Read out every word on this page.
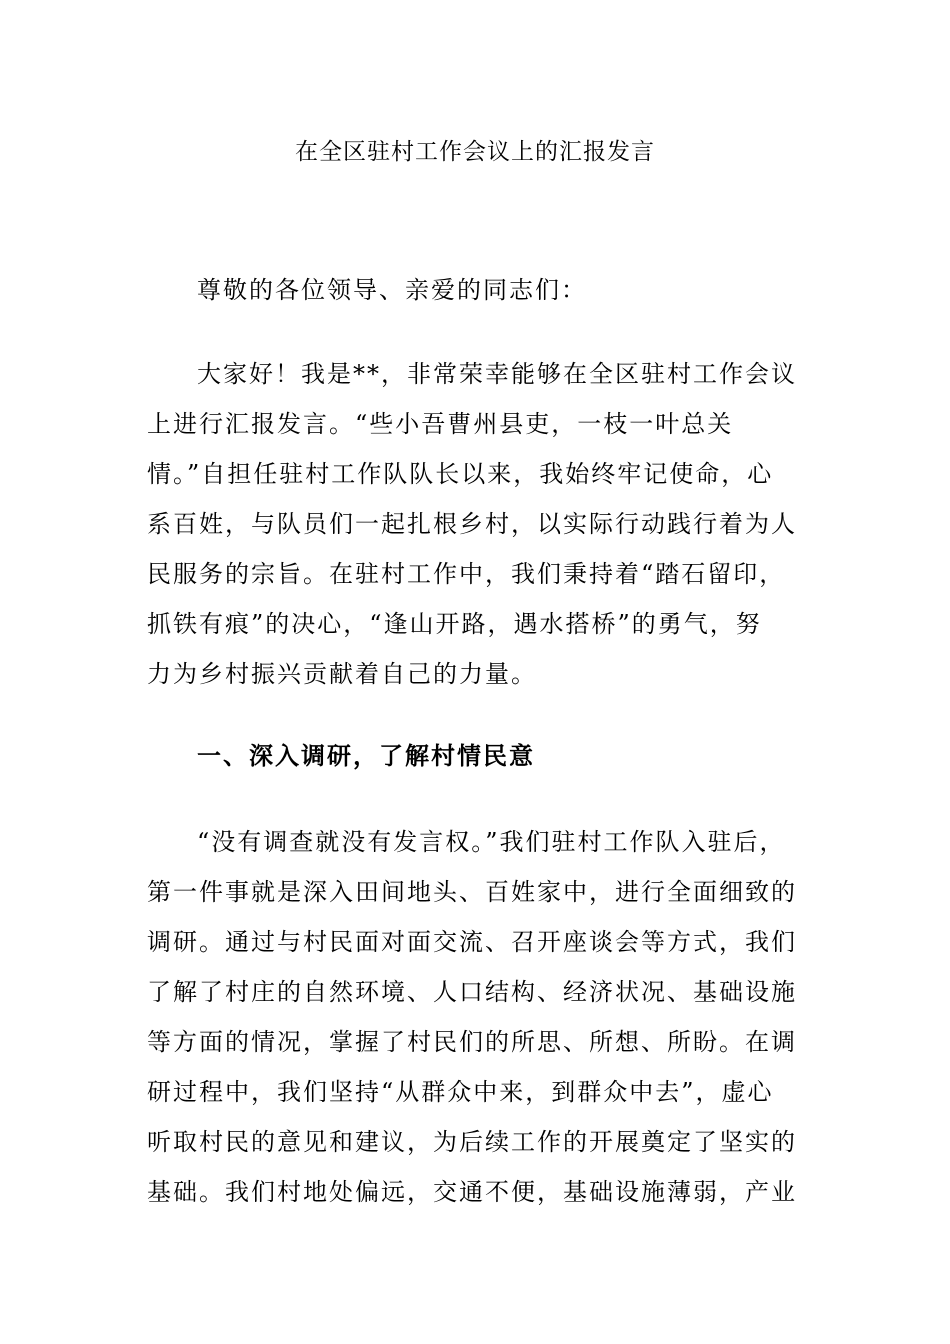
在全区驻村工作会议上的汇报发言

尊敬的各位领导、亲爱的同志们：

大家好！我是**，非常荣幸能够在全区驻村工作会议
上进行汇报发言。“些小吾曹州县吏，一枝一叶总关
情。”自担任驻村工作队队长以来，我始终牢记使命，心
系百姓，与队员们一起扎根乡村，以实际行动践行着为人
民服务的宗旨。在驻村工作中，我们秉持着“踏石留印，
抓铁有痕”的决心，“逢山开路，遇水搭桥”的勇气，努
力为乡村振兴贡献着自己的力量。

一、深入调研，了解村情民意

“没有调查就没有发言权。”我们驻村工作队入驻后，
第一件事就是深入田间地头、百姓家中，进行全面细致的
调研。通过与村民面对面交流、召开座谈会等方式，我们
了解了村庄的自然环境、人口结构、经济状况、基础设施
等方面的情况，掌握了村民们的所思、所想、所盼。在调
研过程中，我们坚持“从群众中来，到群众中去”，虚心
听取村民的意见和建议，为后续工作的开展奠定了坚实的
基础。我们村地处偏远，交通不便，基础设施薄弱，产业
